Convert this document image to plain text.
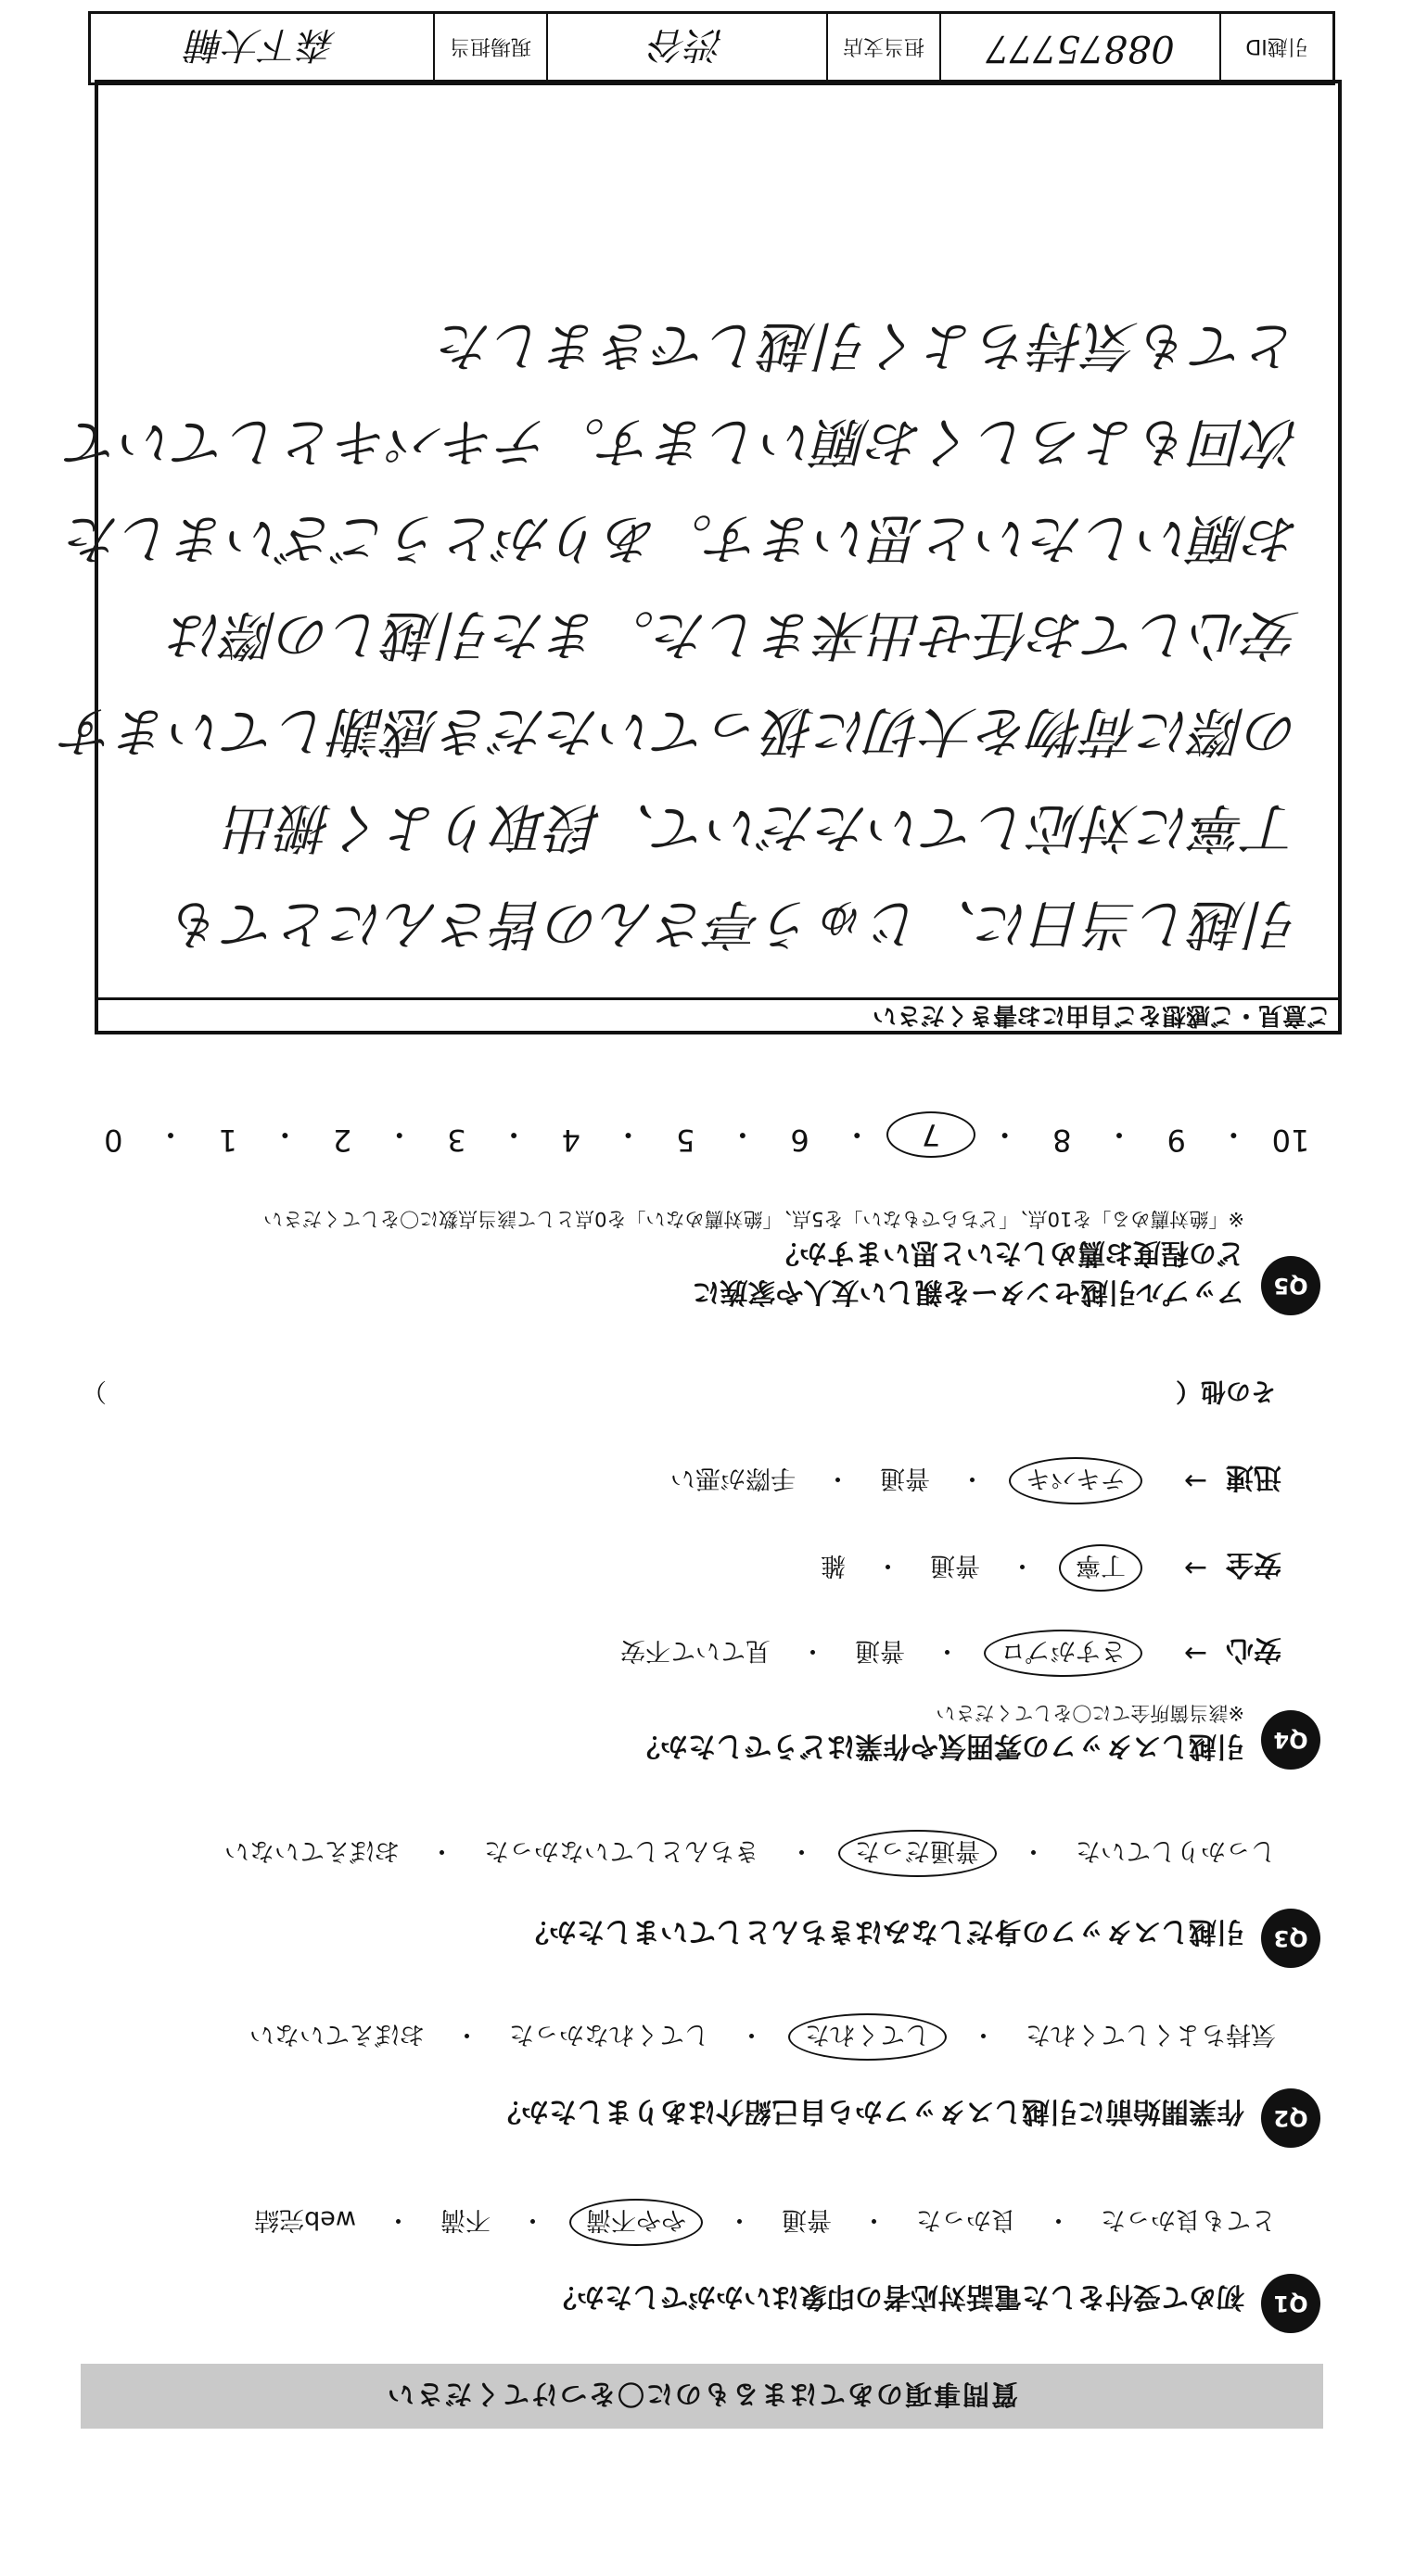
質問事項のあてはまるものに〇をつけてください
Q1
初めて受付をした電話対応者の印象はいかがでしたか？
とても良かった
・
良かった
・
普通
・
やや不満
・
不満
・
web完結
Q2
作業開始前に引越しスタッフから自己紹介はありましたか？
気持ちよくしてくれた
・
してくれた
・
してくれなかった
・
おぼえていない
Q3
引越しスタッフの身だしなみはきちんとしていましたか？
しっかりしていた
・
普通だった
・
きちんとしていなかった
・
おぼえていない
Q4
引越しスタッフの雰囲気や作業はどうでしたか？
※該当箇所全てに〇をしてください
安心
→
さすがプロ
・
普通
・
見ていて不安
安全
→
丁寧
・
普通
・
雑
迅速
→
テキパキ
・
普通
・
手際が悪い
その他（
）
Q5
アップル引越センターを親しい友人や家族に
どの程度お薦めしたいと思いますか？
※「絶対薦める」を10点、「どちらでもない」を5点、「絶対薦めない」を0点として該当点数に〇をしてください
10
・
9
・
8
・
7
・
6
・
5
・
4
・
3
・
2
・
1
・
0
ご意見・ご感想をご自由にお書きください
引越し当日に、じゅう亭さんの皆さんにとても
丁寧に対応していただいて、段取りよく搬出
の際に荷物を大切に扱っていただき感謝しています
安心してお任せ出来ました。また引越しの際は
お願いしたいと思います。ありがとうございました
次回もよろしくお願いします。テキパキとしていて
とても気持ちよく引越しできました
引越ID
08875777
担当支店
渋谷
現場担当
森下大輔
